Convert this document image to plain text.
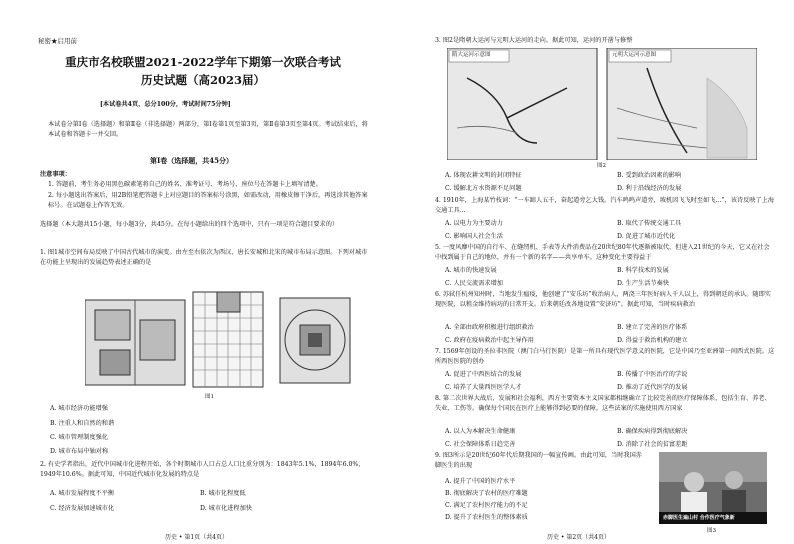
秘密★启用前
重庆市名校联盟2021-2022学年下期第一次联合考试
历史试题（高2023届）
[本试卷共4页，总分100分，考试时间75分钟]
本试卷分第Ⅰ卷（选择题）和第Ⅱ卷（非选择题）两部分，第Ⅰ卷第1页至第3页，第Ⅱ卷第3页至第4页。考试结束后，将本试卷和答题卡一并交回。
第Ⅰ卷（选择题，共45分）
注意事项：
1. 答题前，考生务必用黑色碳素笔将自己的姓名、准考证号、考场号、座位号在答题卡上填写清楚。
2. 每小题选出答案后，用2B铅笔把答题卡上对应题目的答案标号涂黑，如需改动，用橡皮擦干净后，再选涂其他答案标号。在试题卷上作答无效。
选择题（本大题共15小题，每小题3分，共45分。在每小题给出的四个选项中，只有一项是符合题目要求的）
1. 图1城市空间布局反映了中国古代城市的演变。由左至右依次为西汉、唐长安城和北宋的城市布局示意图。下列对城市在功能上呈现出的发展趋势表述正确的是
图1
A. 城市经济功能增强
B. 注重人和自然的和谐
C. 城市管理制度强化
D. 城市布局中轴对称
2. 有史学者指出，近代中国城市化进程开始，各个时期城市人口占总人口比重分别为：1843年5.1%，1894年6.0%，1949年10.6%。据此可知，中国近代城市化发展的特点是
A. 城市发展程度不平衡	B. 城市化程度低
C. 经济发展加速城市化	D. 城市化进程加快
历史 • 第1页（共4页）
3. 图2是隋朝大运河与元明大运河的走向。据此可知，运河的开凿与修整
隋大运河示意图	元明大运河示意图
图2
A. 体现农耕文明的封闭特征	B. 受到政治因素的影响
C. 缓解北方水资源不足问题	D. 利于沿线经济的发展
4. 1910年，上海某竹枝词：“一车蹄人五千，奋起道旁乞大钱。汽车鸣鸣声道旁，坡机因飞飞时至如飞...”，该诗反映了上海交通工具...
A. 以电力为主要动力	B. 取代了传统交通工具
C. 影响国人社会生活	D. 促进了城市近代化
5. 一度风靡中国的自行车、在缝纫机、手表等大件消费品在20世纪80年代逐渐被取代，但进入21世纪的今天，它又在社会中找到属于自己的地位，并有一个新的名字——共享单车。这种变化主要得益于
A. 城市的快速发展	B. 科学技术的发展
C. 人民交流需求增加	D. 生产生活节奏快
6. 苏轼任杭州知州时，当地发生瘟疫，他创建了“安乐坊”收治病人，两浇三年医好病人千人以上，得到朝廷的承认。随即实现医院，以租金维持病坊的日常开支。后来朝廷改各地设置“安济坊”。据此可知，当时疾病救治
A. 全部由政府积极进行组织救治	B. 建立了完善的医疗体系
C. 政府在疫病救治中起主导作用	D. 得益于救治机构的建立
7. 1569年创设的圣拉非医院（澳门白马行医院）是第一所具有现代医学意义的医院，它是中国乃至亚洲第一间西式医院。这所西医医院的创办
A. 促进了中西医结合的发展	B. 传播了中医治疗的学说
C. 培养了大量西医医学人才	D. 推动了近代医学的发展
8. 第二次世界大战后，发展和社会福利，西方主要资本主义国家都相继确立了比较完善的医疗保障体系，包括生育、养老、失业、工伤等。确保每个国民在医疗上能够得到必要的保障。这些法案的实施使用西方国家
A. 以人为本解决生命健康	B. 确保疾病得到彻底解决
C. 社会保障体系日趋完善	D. 消除了社会的贫富差距
9. 图3所示是20世纪60年代后期我国的一幅宣传画。由此可知，当时我国赤脚医生的出现
A. 提升了中国的医疗水平
B. 彻底解决了农村的医疗难题
C. 满足了农村医疗能力的不足
D. 提升了农村医生的整体素质	赤脚医生遍山村 合作医疗气象新
图3
历史 • 第2页（共4页）
